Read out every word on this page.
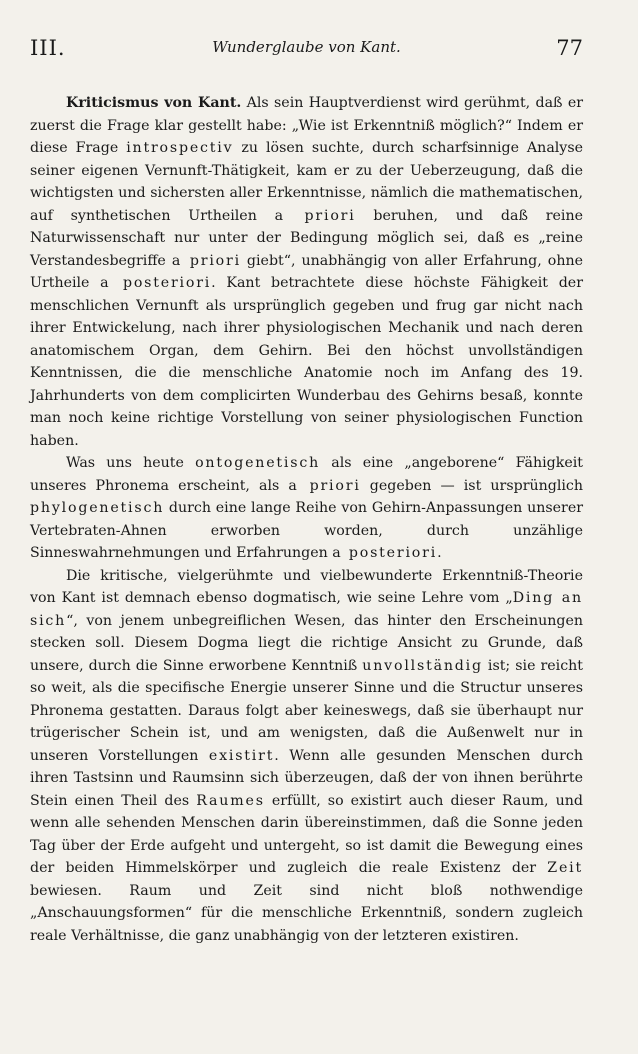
III.	Wunderglaube von Kant.	77

Kriticismus von Kant. Als sein Hauptverdienst wird gerühmt, daß er zuerst die Frage klar gestellt habe: „Wie ist Erkenntniß möglich?“ Indem er diese Frage introspectiv zu lösen suchte, durch scharfsinnige Analyse seiner eigenen Vernunft-Thätigkeit, kam er zu der Ueberzeugung, daß die wichtigsten und sichersten aller Erkenntnisse, nämlich die mathematischen, auf synthetischen Urtheilen a priori beruhen, und daß reine Naturwissenschaft nur unter der Bedingung möglich sei, daß es „reine Verstandesbegriffe a priori giebt“, unabhängig von aller Erfahrung, ohne Urtheile a posteriori. Kant betrachtete diese höchste Fähigkeit der menschlichen Vernunft als ursprünglich gegeben und frug gar nicht nach ihrer Entwickelung, nach ihrer physiologischen Mechanik und nach deren anatomischem Organ, dem Gehirn. Bei den höchst unvollständigen Kenntnissen, die die menschliche Anatomie noch im Anfang des 19. Jahrhunderts von dem complicirten Wunderbau des Gehirns besaß, konnte man noch keine richtige Vorstellung von seiner physiologischen Function haben.

Was uns heute ontogenetisch als eine „angeborene“ Fähigkeit unseres Phronema erscheint, als a priori gegeben — ist ursprünglich phylogenetisch durch eine lange Reihe von Gehirn-Anpassungen unserer Vertebraten-Ahnen erworben worden, durch unzählige Sinneswahrnehmungen und Erfahrungen a posteriori.

Die kritische, vielgerühmte und vielbewunderte Erkenntniß-Theorie von Kant ist demnach ebenso dogmatisch, wie seine Lehre vom „Ding an sich“, von jenem unbegreiflichen Wesen, das hinter den Erscheinungen stecken soll. Diesem Dogma liegt die richtige Ansicht zu Grunde, daß unsere, durch die Sinne erworbene Kenntniß unvollständig ist; sie reicht so weit, als die specifische Energie unserer Sinne und die Structur unseres Phronema gestatten. Daraus folgt aber keineswegs, daß sie überhaupt nur trügerischer Schein ist, und am wenigsten, daß die Außenwelt nur in unseren Vorstellungen existirt. Wenn alle gesunden Menschen durch ihren Tastsinn und Raumsinn sich überzeugen, daß der von ihnen berührte Stein einen Theil des Raumes erfüllt, so existirt auch dieser Raum, und wenn alle sehenden Menschen darin übereinstimmen, daß die Sonne jeden Tag über der Erde aufgeht und untergeht, so ist damit die Bewegung eines der beiden Himmelskörper und zugleich die reale Existenz der Zeit bewiesen. Raum und Zeit sind nicht bloß nothwendige „Anschauungsformen“ für die menschliche Erkenntniß, sondern zugleich reale Verhältnisse, die ganz unabhängig von der letzteren existiren.
